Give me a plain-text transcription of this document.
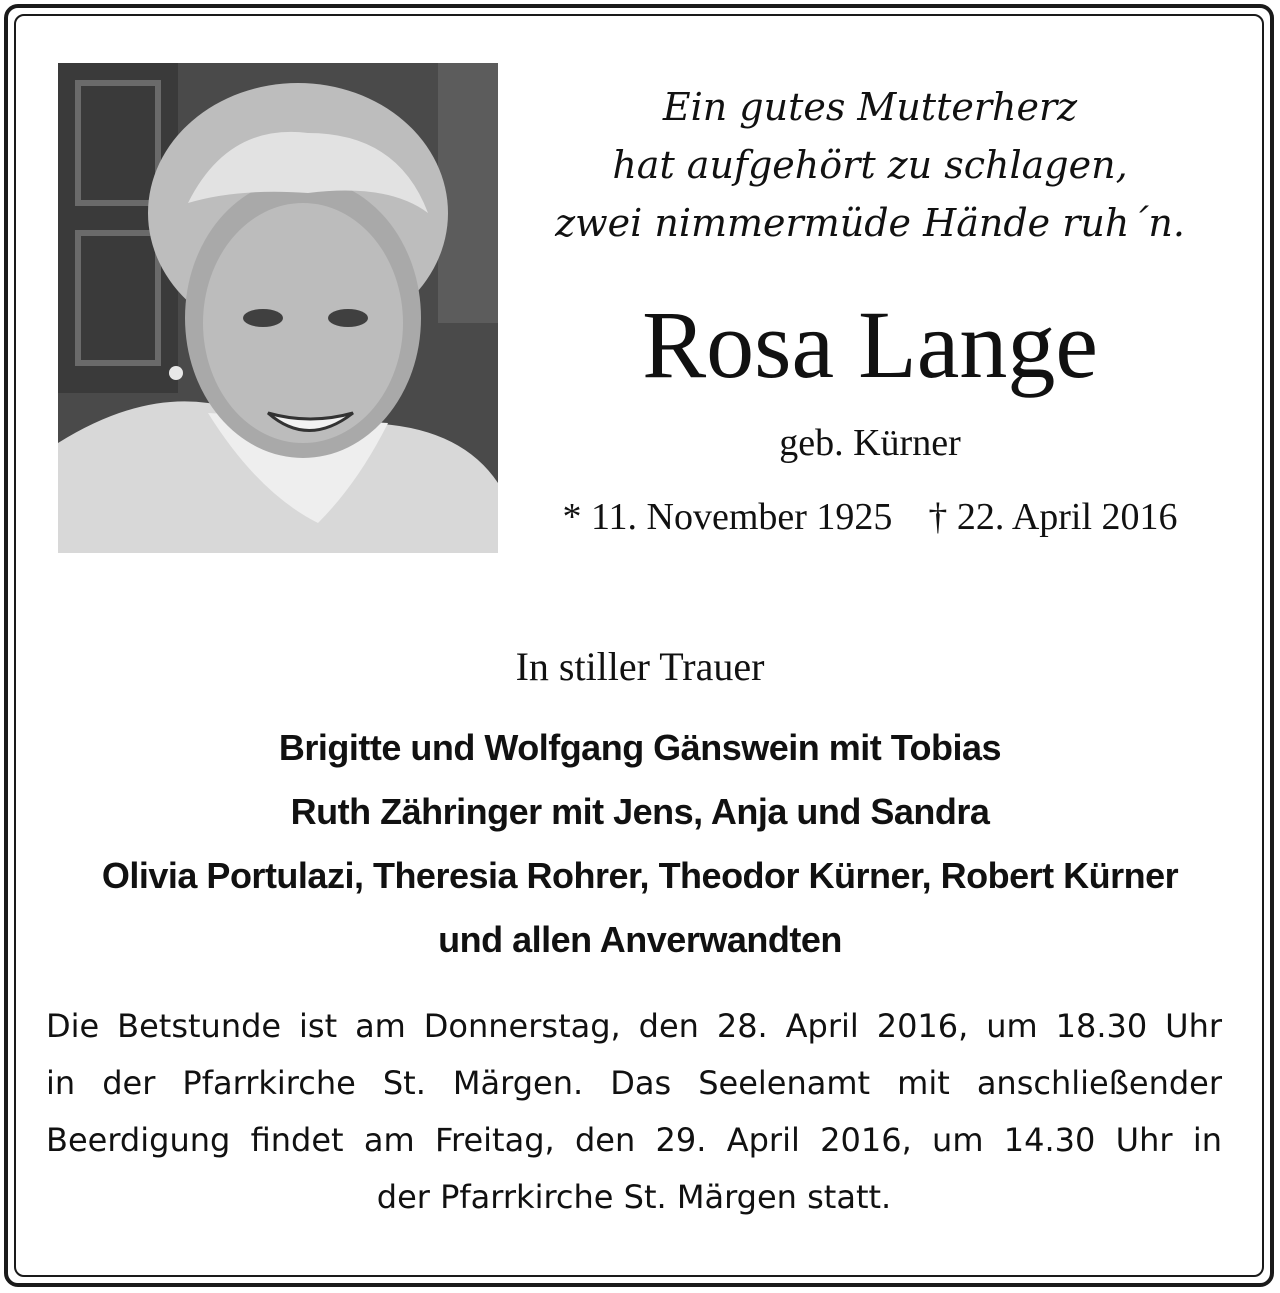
Ein gutes Mutterherz
hat aufgehört zu schlagen,
zwei nimmermüde Hände ruh´n.
Rosa Lange
geb. Kürner
* 11. November 1925 † 22. April 2016
In stiller Trauer
Brigitte und Wolfgang Gänswein mit Tobias
Ruth Zähringer mit Jens, Anja und Sandra
Olivia Portulazi, Theresia Rohrer, Theodor Kürner, Robert Kürner
und allen Anverwandten
Die Betstunde ist am Donnerstag, den 28. April 2016, um 18.30 Uhr
in der Pfarrkirche St. Märgen. Das Seelenamt mit anschließender
Beerdigung findet am Freitag, den 29. April 2016, um 14.30 Uhr in
der Pfarrkirche St. Märgen statt.
